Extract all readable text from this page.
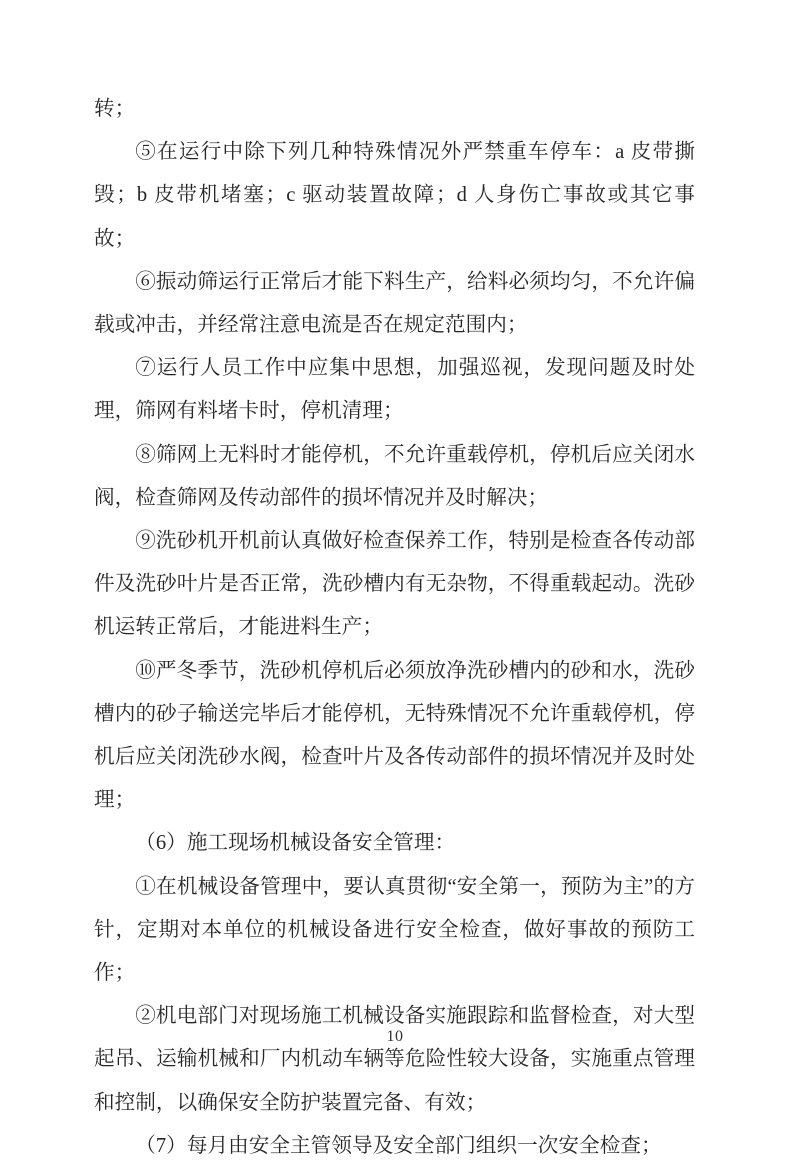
转；

⑤在运行中除下列几种特殊情况外严禁重车停车：a 皮带撕毁；b 皮带机堵塞；c 驱动装置故障；d 人身伤亡事故或其它事故；

⑥振动筛运行正常后才能下料生产，给料必须均匀，不允许偏载或冲击，并经常注意电流是否在规定范围内；

⑦运行人员工作中应集中思想，加强巡视，发现问题及时处理，筛网有料堵卡时，停机清理；

⑧筛网上无料时才能停机，不允许重载停机，停机后应关闭水阀，检查筛网及传动部件的损坏情况并及时解决；

⑨洗砂机开机前认真做好检查保养工作，特别是检查各传动部件及洗砂叶片是否正常，洗砂槽内有无杂物，不得重载起动。洗砂机运转正常后，才能进料生产；

⑩严冬季节，洗砂机停机后必须放净洗砂槽内的砂和水，洗砂槽内的砂子输送完毕后才能停机，无特殊情况不允许重载停机，停机后应关闭洗砂水阀，检查叶片及各传动部件的损坏情况并及时处理；

（6）施工现场机械设备安全管理：

①在机械设备管理中，要认真贯彻“安全第一，预防为主”的方针，定期对本单位的机械设备进行安全检查，做好事故的预防工作；

②机电部门对现场施工机械设备实施跟踪和监督检查，对大型起吊、运输机械和厂内机动车辆等危险性较大设备，实施重点管理和控制，以确保安全防护装置完备、有效；

（7）每月由安全主管领导及安全部门组织一次安全检查；

10
